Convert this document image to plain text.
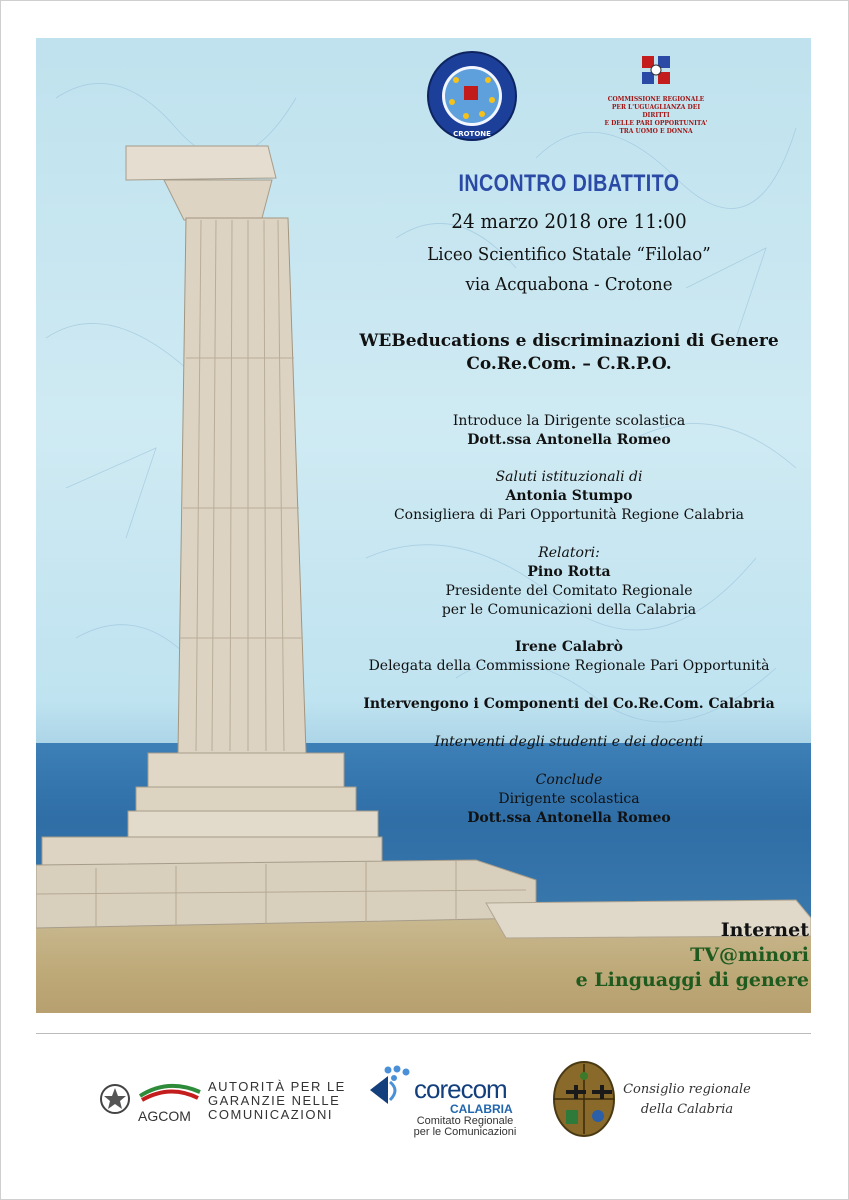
CROTONE
COMMISSIONE REGIONALE
PER L'UGUAGLIANZA DEI DIRITTI
E DELLE PARI OPPORTUNITA'
TRA UOMO E DONNA
INCONTRO DIBATTITO
24 marzo 2018 ore 11:00
Liceo Scientifico Statale “Filolao”
via Acquabona - Crotone
WEBeducations e discriminazioni di Genere
Co.Re.Com. – C.R.P.O.
Introduce la Dirigente scolastica
Dott.ssa Antonella Romeo
Saluti istituzionali di
Antonia Stumpo
Consigliera di Pari Opportunità Regione Calabria
Relatori:
Pino Rotta
Presidente del Comitato Regionale
per le Comunicazioni della Calabria
Irene Calabrò
Delegata della Commissione Regionale Pari Opportunità
Intervengono i Componenti del Co.Re.Com. Calabria
Interventi degli studenti e dei docenti
Conclude
Dirigente scolastica
Dott.ssa Antonella Romeo
Internet
TV@minori
e Linguaggi di genere
AUTORITÀ PER LE
GARANZIE NELLE
COMUNICAZIONI
AGCOM
corecom
CALABRIA
Comitato Regionale per le Comunicazioni
Consiglio regionale della Calabria
